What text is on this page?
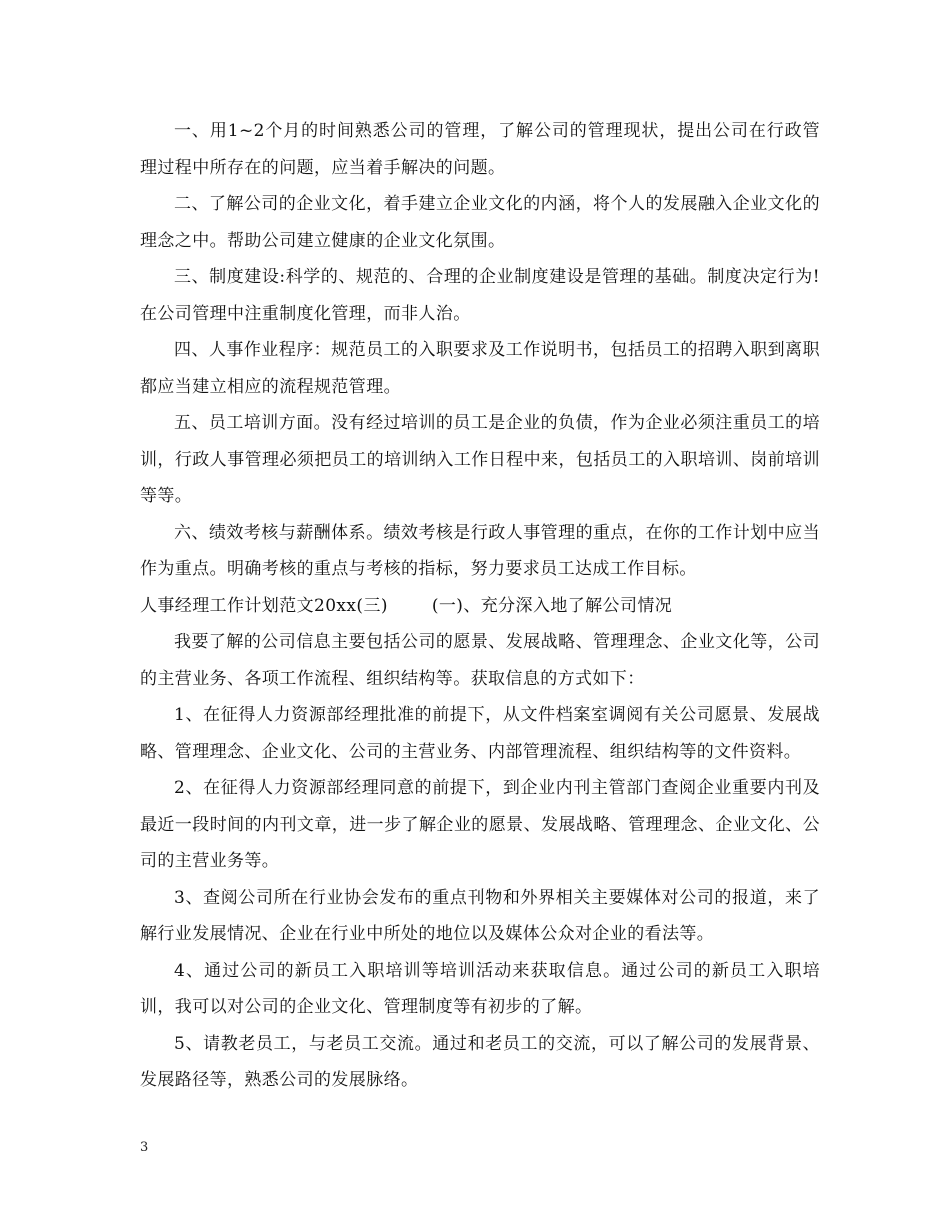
一、用1~2个月的时间熟悉公司的管理，了解公司的管理现状，提出公司在行政管理过程中所存在的问题，应当着手解决的问题。

二、了解公司的企业文化，着手建立企业文化的内涵，将个人的发展融入企业文化的理念之中。帮助公司建立健康的企业文化氛围。

三、制度建设:科学的、规范的、合理的企业制度建设是管理的基础。制度决定行为!在公司管理中注重制度化管理，而非人治。

四、人事作业程序：规范员工的入职要求及工作说明书，包括员工的招聘入职到离职都应当建立相应的流程规范管理。

五、员工培训方面。没有经过培训的员工是企业的负债，作为企业必须注重员工的培训，行政人事管理必须把员工的培训纳入工作日程中来，包括员工的入职培训、岗前培训等等。

六、绩效考核与薪酬体系。绩效考核是行政人事管理的重点，在你的工作计划中应当作为重点。明确考核的重点与考核的指标，努力要求员工达成工作目标。

人事经理工作计划范文20xx(三)	(一)、充分深入地了解公司情况

我要了解的公司信息主要包括公司的愿景、发展战略、管理理念、企业文化等，公司的主营业务、各项工作流程、组织结构等。获取信息的方式如下：

1、在征得人力资源部经理批准的前提下，从文件档案室调阅有关公司愿景、发展战略、管理理念、企业文化、公司的主营业务、内部管理流程、组织结构等的文件资料。

2、在征得人力资源部经理同意的前提下，到企业内刊主管部门查阅企业重要内刊及最近一段时间的内刊文章，进一步了解企业的愿景、发展战略、管理理念、企业文化、公司的主营业务等。

3、查阅公司所在行业协会发布的重点刊物和外界相关主要媒体对公司的报道，来了解行业发展情况、企业在行业中所处的地位以及媒体公众对企业的看法等。

4、通过公司的新员工入职培训等培训活动来获取信息。通过公司的新员工入职培训，我可以对公司的企业文化、管理制度等有初步的了解。

5、请教老员工，与老员工交流。通过和老员工的交流，可以了解公司的发展背景、发展路径等，熟悉公司的发展脉络。

3
